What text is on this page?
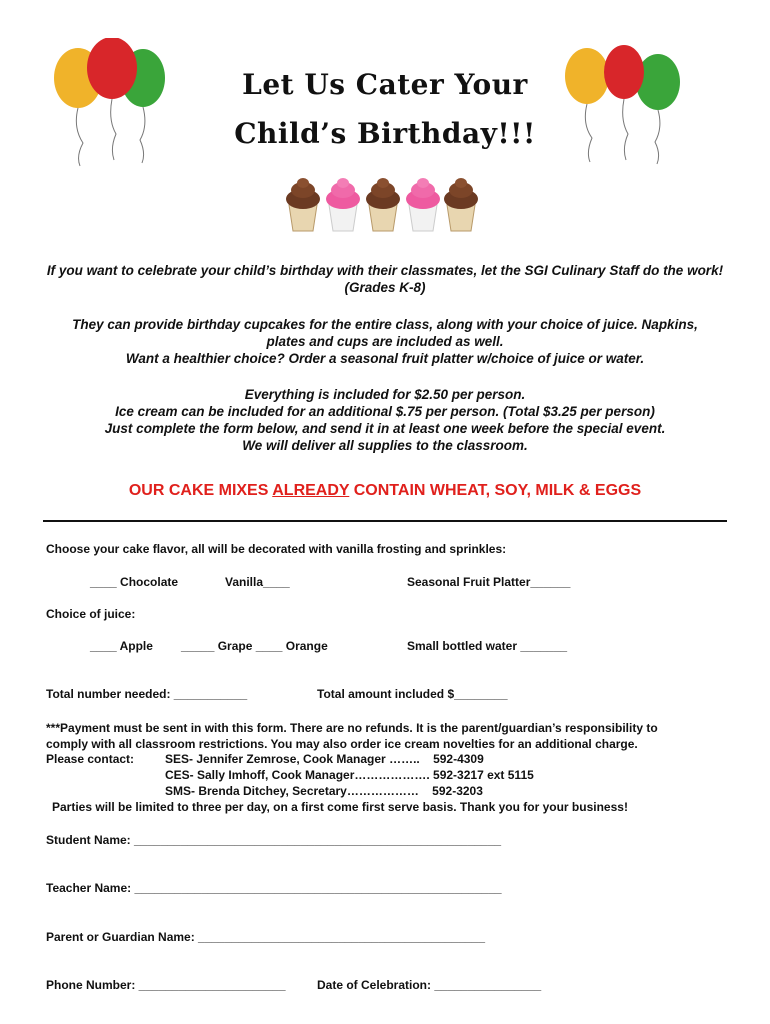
Let Us Cater Your
Child’s Birthday!!!
If you want to celebrate your child’s birthday with their classmates, let the SGI Culinary Staff do the work! (Grades K-8)
They can provide birthday cupcakes for the entire class, along with your choice of juice. Napkins,
plates and cups are included as well.
Want a healthier choice? Order a seasonal fruit platter w/choice of juice or water.
Everything is included for $2.50 per person.
Ice cream can be included for an additional $.75 per person. (Total $3.25 per person)
Just complete the form below, and send it in at least one week before the special event.
We will deliver all supplies to the classroom.
OUR CAKE MIXES ALREADY CONTAIN WHEAT, SOY, MILK & EGGS
Choose your cake flavor, all will be decorated with vanilla frosting and sprinkles:
____ Chocolate	Vanilla____	Seasonal Fruit Platter______
Choice of juice:
____ Apple _____ Grape ____ Orange	Small bottled water _______
Total number needed: ___________	Total amount included $________
***Payment must be sent in with this form. There are no refunds. It is the parent/guardian’s responsibility to
comply with all classroom restrictions. You may also order ice cream novelties for an additional charge.
Please contact:	SES- Jennifer Zemrose, Cook Manager ……..    592-4309
CES- Sally Imhoff, Cook Manager………………. 592-3217 ext 5115
SMS- Brenda Ditchey, Secretary………………    592-3203
Parties will be limited to three per day, on a first come first serve basis. Thank you for your business!
Student Name: _______________________________________________________
Teacher Name: _______________________________________________________
Parent or Guardian Name: ___________________________________________
Phone Number: ______________________	Date of Celebration: ________________
